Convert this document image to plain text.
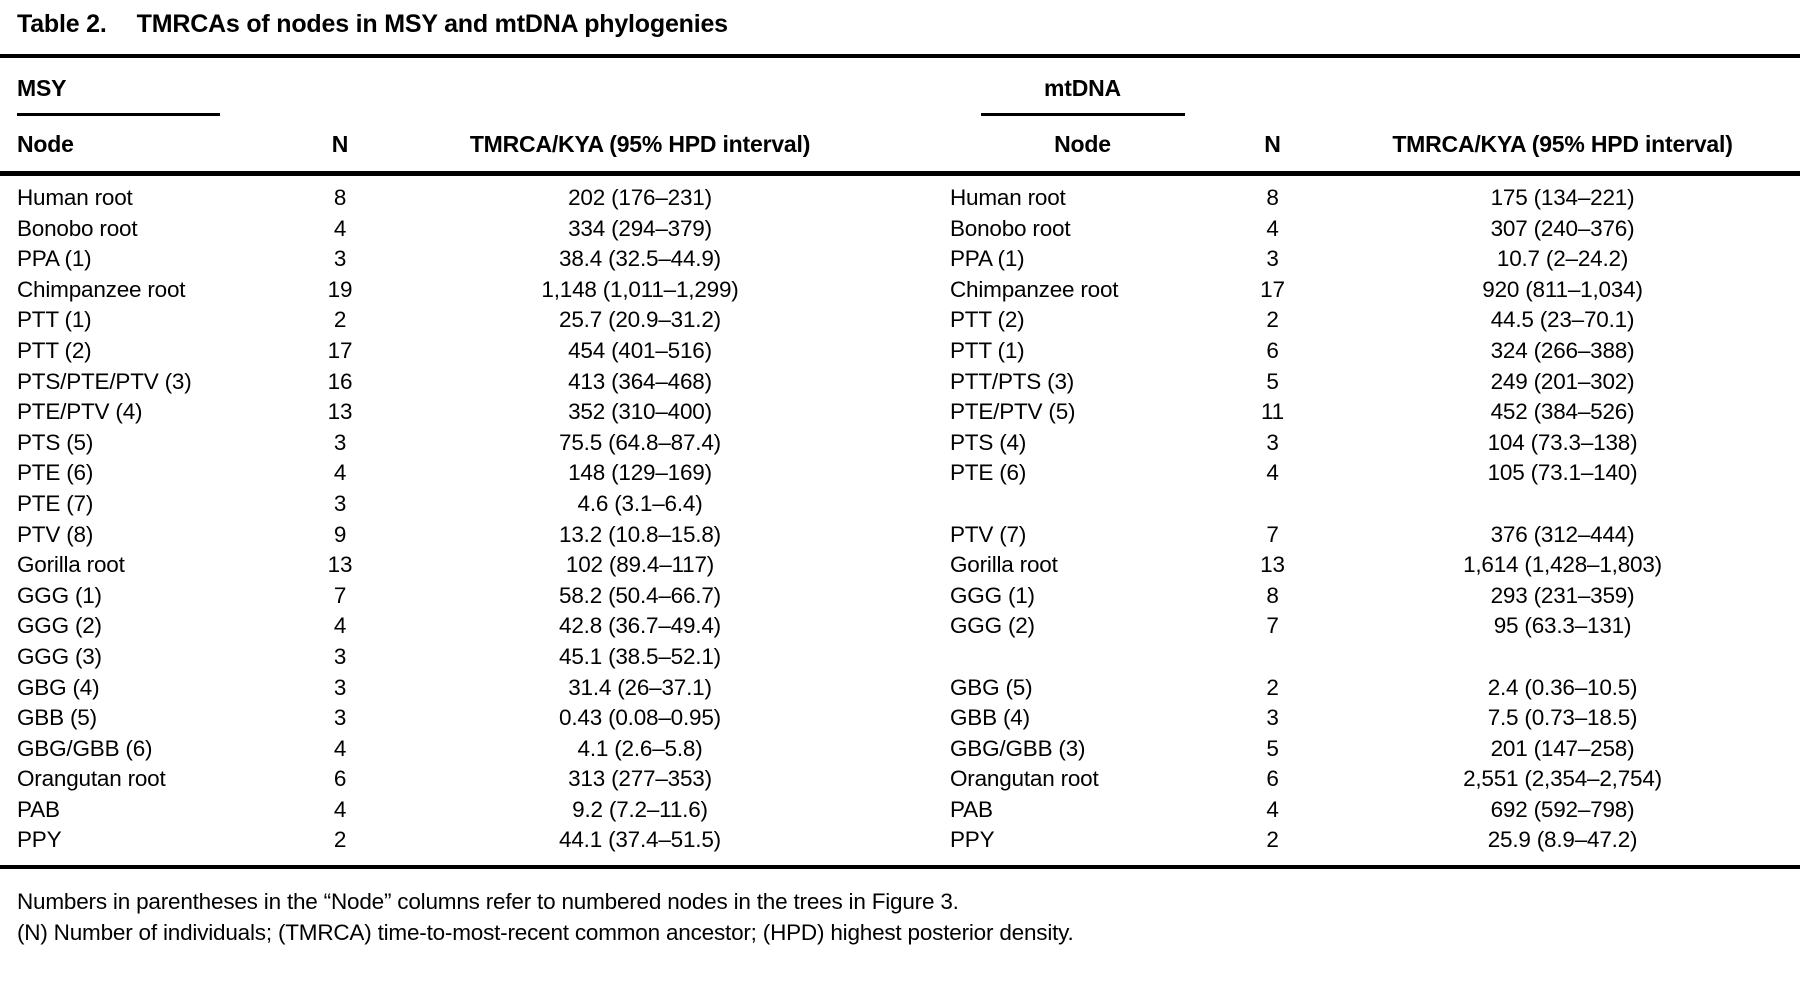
Table 2. TMRCAs of nodes in MSY and mtDNA phylogenies
MSY	mtDNA
Node	N	TMRCA/KYA (95% HPD interval)	Node	N	TMRCA/KYA (95% HPD interval)
Human root	8	202 (176–231)	Human root	8	175 (134–221)
Bonobo root	4	334 (294–379)	Bonobo root	4	307 (240–376)
PPA (1)	3	38.4 (32.5–44.9)	PPA (1)	3	10.7 (2–24.2)
Chimpanzee root	19	1,148 (1,011–1,299)	Chimpanzee root	17	920 (811–1,034)
PTT (1)	2	25.7 (20.9–31.2)	PTT (2)	2	44.5 (23–70.1)
PTT (2)	17	454 (401–516)	PTT (1)	6	324 (266–388)
PTS/PTE/PTV (3)	16	413 (364–468)	PTT/PTS (3)	5	249 (201–302)
PTE/PTV (4)	13	352 (310–400)	PTE/PTV (5)	11	452 (384–526)
PTS (5)	3	75.5 (64.8–87.4)	PTS (4)	3	104 (73.3–138)
PTE (6)	4	148 (129–169)	PTE (6)	4	105 (73.1–140)
PTE (7)	3	4.6 (3.1–6.4)
PTV (8)	9	13.2 (10.8–15.8)	PTV (7)	7	376 (312–444)
Gorilla root	13	102 (89.4–117)	Gorilla root	13	1,614 (1,428–1,803)
GGG (1)	7	58.2 (50.4–66.7)	GGG (1)	8	293 (231–359)
GGG (2)	4	42.8 (36.7–49.4)	GGG (2)	7	95 (63.3–131)
GGG (3)	3	45.1 (38.5–52.1)
GBG (4)	3	31.4 (26–37.1)	GBG (5)	2	2.4 (0.36–10.5)
GBB (5)	3	0.43 (0.08–0.95)	GBB (4)	3	7.5 (0.73–18.5)
GBG/GBB (6)	4	4.1 (2.6–5.8)	GBG/GBB (3)	5	201 (147–258)
Orangutan root	6	313 (277–353)	Orangutan root	6	2,551 (2,354–2,754)
PAB	4	9.2 (7.2–11.6)	PAB	4	692 (592–798)
PPY	2	44.1 (37.4–51.5)	PPY	2	25.9 (8.9–47.2)
Numbers in parentheses in the “Node” columns refer to numbered nodes in the trees in Figure 3.
(N) Number of individuals; (TMRCA) time-to-most-recent common ancestor; (HPD) highest posterior density.
